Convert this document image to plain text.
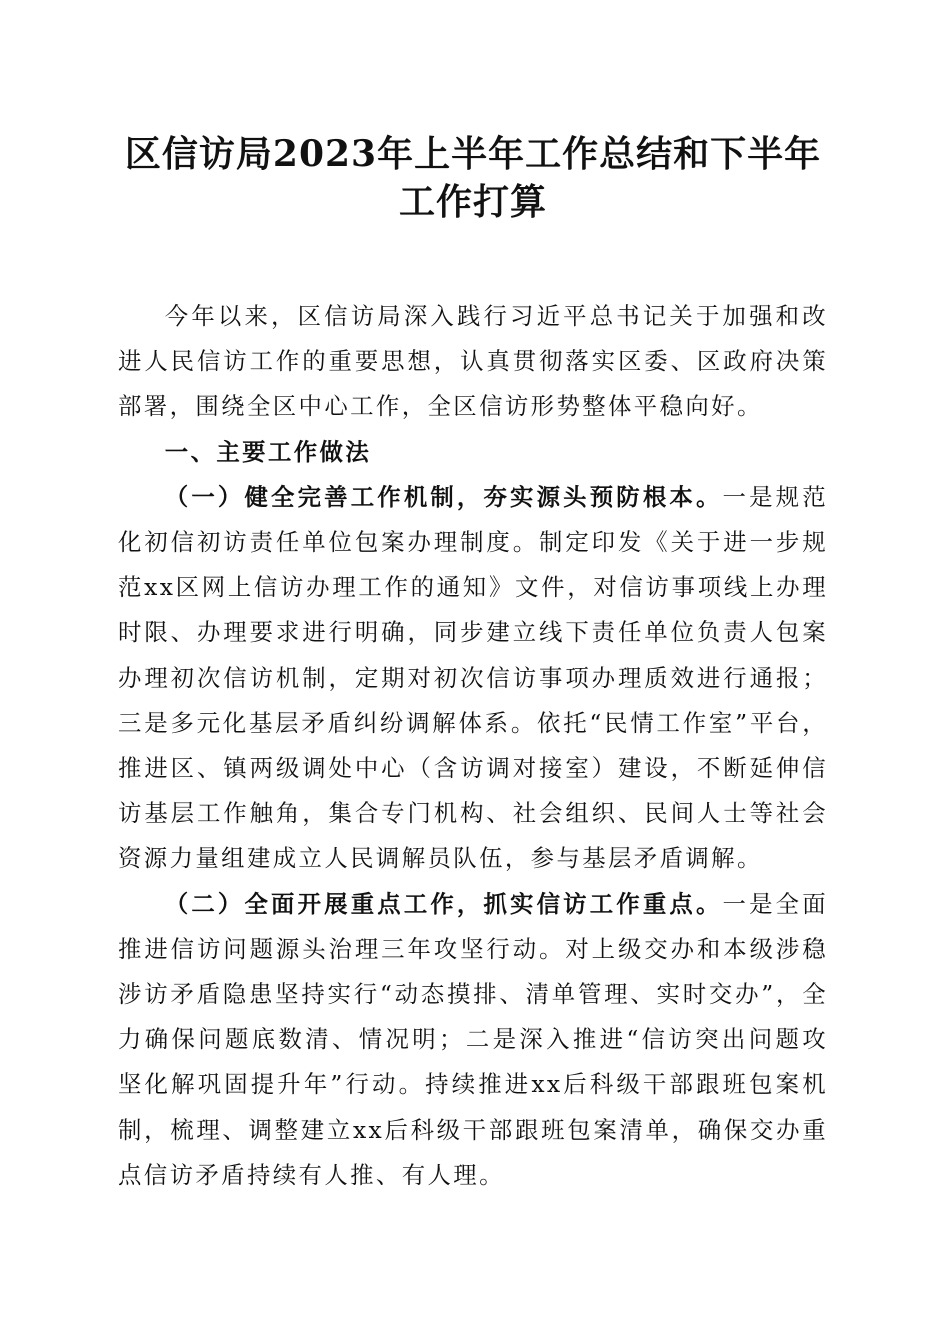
区信访局2023年上半年工作总结和下半年工作打算

今年以来，区信访局深入践行习近平总书记关于加强和改进人民信访工作的重要思想，认真贯彻落实区委、区政府决策部署，围绕全区中心工作，全区信访形势整体平稳向好。

一、主要工作做法

（一）健全完善工作机制，夯实源头预防根本。一是规范化初信初访责任单位包案办理制度。制定印发《关于进一步规范xx区网上信访办理工作的通知》文件，对信访事项线上办理时限、办理要求进行明确，同步建立线下责任单位负责人包案办理初次信访机制，定期对初次信访事项办理质效进行通报；三是多元化基层矛盾纠纷调解体系。依托“民情工作室”平台，推进区、镇两级调处中心（含访调对接室）建设，不断延伸信访基层工作触角，集合专门机构、社会组织、民间人士等社会资源力量组建成立人民调解员队伍，参与基层矛盾调解。

（二）全面开展重点工作，抓实信访工作重点。一是全面推进信访问题源头治理三年攻坚行动。对上级交办和本级涉稳涉访矛盾隐患坚持实行“动态摸排、清单管理、实时交办”，全力确保问题底数清、情况明；二是深入推进“信访突出问题攻坚化解巩固提升年”行动。持续推进xx后科级干部跟班包案机制，梳理、调整建立xx后科级干部跟班包案清单，确保交办重点信访矛盾持续有人推、有人理。
